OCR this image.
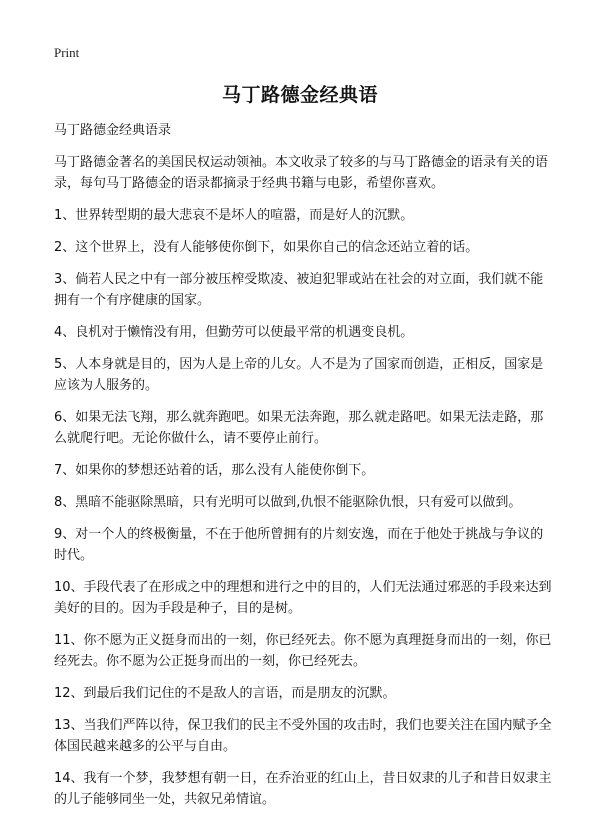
Print
马丁路德金经典语

马丁路德金经典语录

马丁路德金著名的美国民权运动领袖。本文收录了较多的与马丁路德金的语录有关的语录，每句马丁路德金的语录都摘录于经典书籍与电影，希望你喜欢。

1、世界转型期的最大悲哀不是坏人的喧嚣，而是好人的沉默。

2、这个世界上，没有人能够使你倒下，如果你自己的信念还站立着的话。

3、倘若人民之中有一部分被压榨受欺凌、被迫犯罪或站在社会的对立面，我们就不能拥有一个有序健康的国家。

4、良机对于懒惰没有用，但勤劳可以使最平常的机遇变良机。

5、人本身就是目的，因为人是上帝的儿女。人不是为了国家而创造，正相反，国家是应该为人服务的。

6、如果无法飞翔，那么就奔跑吧。如果无法奔跑，那么就走路吧。如果无法走路，那么就爬行吧。无论你做什么，请不要停止前行。

7、如果你的梦想还站着的话，那么没有人能使你倒下。

8、黑暗不能驱除黑暗，只有光明可以做到,仇恨不能驱除仇恨，只有爱可以做到。

9、对一个人的终极衡量，不在于他所曾拥有的片刻安逸，而在于他处于挑战与争议的时代。

10、手段代表了在形成之中的理想和进行之中的目的，人们无法通过邪恶的手段来达到美好的目的。因为手段是种子，目的是树。

11、你不愿为正义挺身而出的一刻，你已经死去。你不愿为真理挺身而出的一刻，你已经死去。你不愿为公正挺身而出的一刻，你已经死去。

12、到最后我们记住的不是敌人的言语，而是朋友的沉默。

13、当我们严阵以待，保卫我们的民主不受外国的攻击时，我们也要关注在国内赋予全体国民越来越多的公平与自由。

14、我有一个梦，我梦想有朝一日，在乔治亚的红山上，昔日奴隶的儿子和昔日奴隶主的儿子能够同坐一处，共叙兄弟情谊。
